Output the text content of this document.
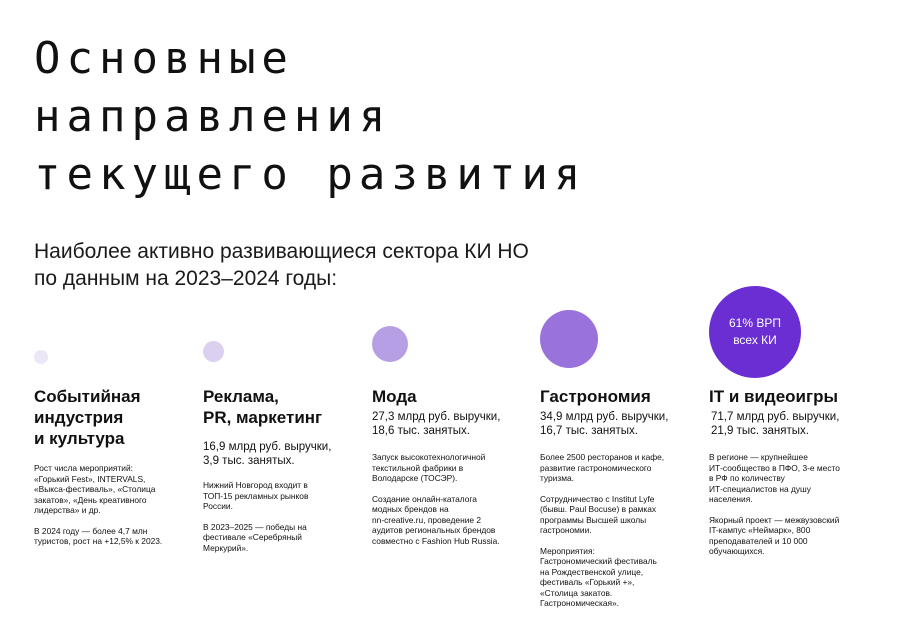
Основные
направления
текущего развития

Наиболее активно развивающиеся сектора КИ НО
по данным на 2023–2024 годы:

Событийная
индустрия
и культура
Рост числа мероприятий:
«Горький Fest», INTERVALS,
«Выкса-фестиваль», «Столица
закатов», «День креативного
лидерства» и др.
В 2024 году — более 4,7 млн
туристов, рост на +12,5% к 2023.
Реклама,
PR, маркетинг
16,9 млрд руб. выручки,
3,9 тыс. занятых.
Нижний Новгород входит в
ТОП-15 рекламных рынков
России.
В 2023–2025 — победы на
фестивале «Серебряный
Меркурий».
Мода
27,3 млрд руб. выручки,
18,6 тыс. занятых.
Запуск высокотехнологичной
текстильной фабрики в
Володарске (ТОСЭР).
Создание онлайн-каталога
модных брендов на
nn-creative.ru, проведение 2
аудитов региональных брендов
совместно с Fashion Hub Russia.
Гастрономия
34,9 млрд руб. выручки,
16,7 тыс. занятых.
Более 2500 ресторанов и кафе,
развитие гастрономического
туризма.
Сотрудничество с Institut Lyfe
(бывш. Paul Bocuse) в рамках
программы Высшей школы
гастрономии.
Мероприятия:
Гастрономический фестиваль
на Рождественской улице,
фестиваль «Горький +»,
«Столица закатов.
Гастрономическая».
61% ВРП
всех КИ
IT и видеоигры
71,7 млрд руб. выручки,
21,9 тыс. занятых.
В регионе — крупнейшее
ИТ-сообщество в ПФО, 3-е место
в РФ по количеству
ИТ-специалистов на душу
населения.
Якорный проект — межвузовский
IT-кампус «Неймарк», 800
преподавателей и 10 000
обучающихся.
